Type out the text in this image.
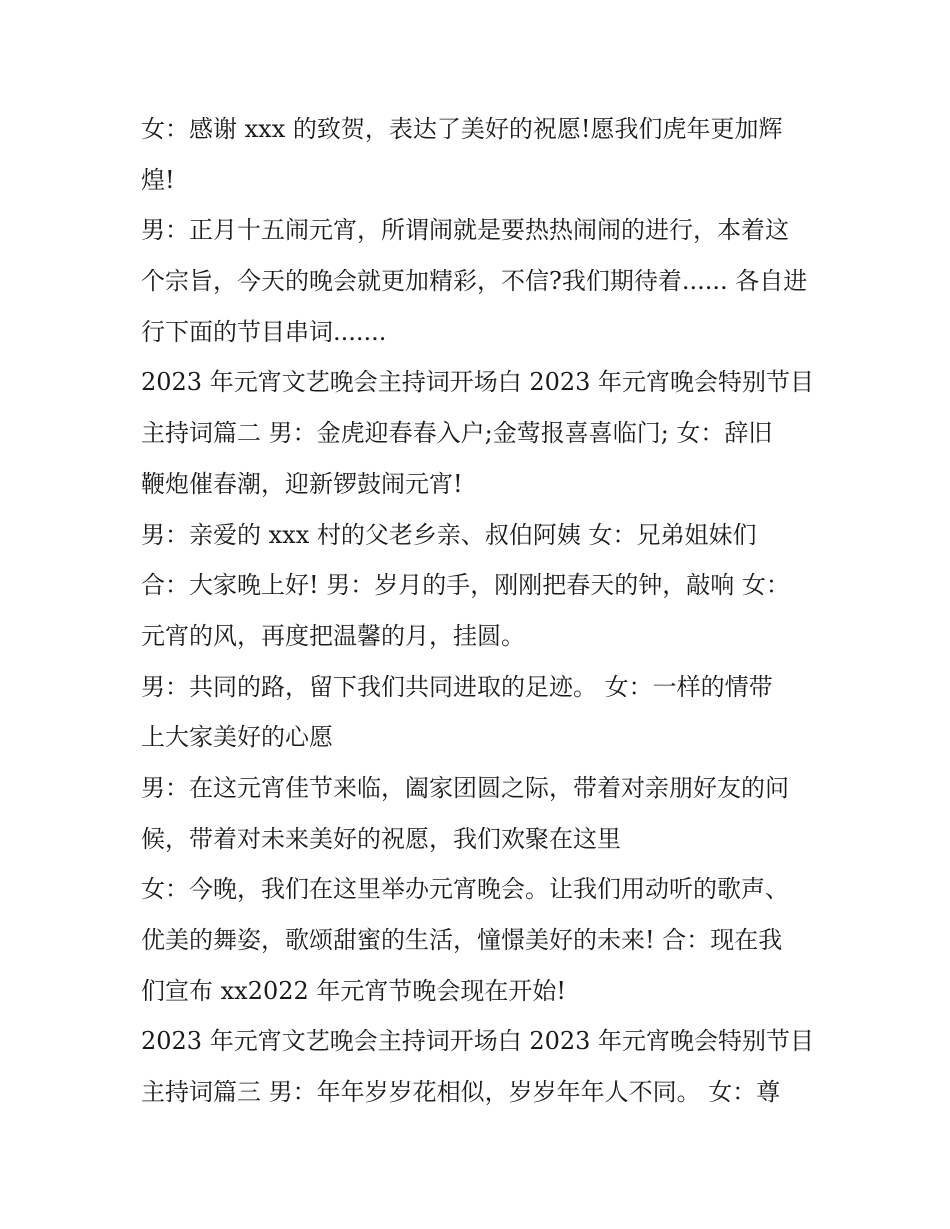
女：感谢 xxx 的致贺，表达了美好的祝愿!愿我们虎年更加辉
煌!
男：正月十五闹元宵，所谓闹就是要热热闹闹的进行，本着这
个宗旨，今天的晚会就更加精彩，不信?我们期待着...... 各自进
行下面的节目串词.......
2023 年元宵文艺晚会主持词开场白 2023 年元宵晚会特别节目
主持词篇二 男：金虎迎春春入户;金莺报喜喜临门; 女：辞旧
鞭炮催春潮，迎新锣鼓闹元宵!
男：亲爱的 xxx 村的父老乡亲、叔伯阿姨 女：兄弟姐妹们
合：大家晚上好! 男：岁月的手，刚刚把春天的钟，敲响 女：
元宵的风，再度把温馨的月，挂圆。
男：共同的路，留下我们共同进取的足迹。 女：一样的情带
上大家美好的心愿
男：在这元宵佳节来临，阖家团圆之际，带着对亲朋好友的问
候，带着对未来美好的祝愿，我们欢聚在这里
女：今晚，我们在这里举办元宵晚会。让我们用动听的歌声、
优美的舞姿，歌颂甜蜜的生活，憧憬美好的未来! 合：现在我
们宣布 xx2022 年元宵节晚会现在开始!
2023 年元宵文艺晚会主持词开场白 2023 年元宵晚会特别节目
主持词篇三 男：年年岁岁花相似，岁岁年年人不同。 女：尊
